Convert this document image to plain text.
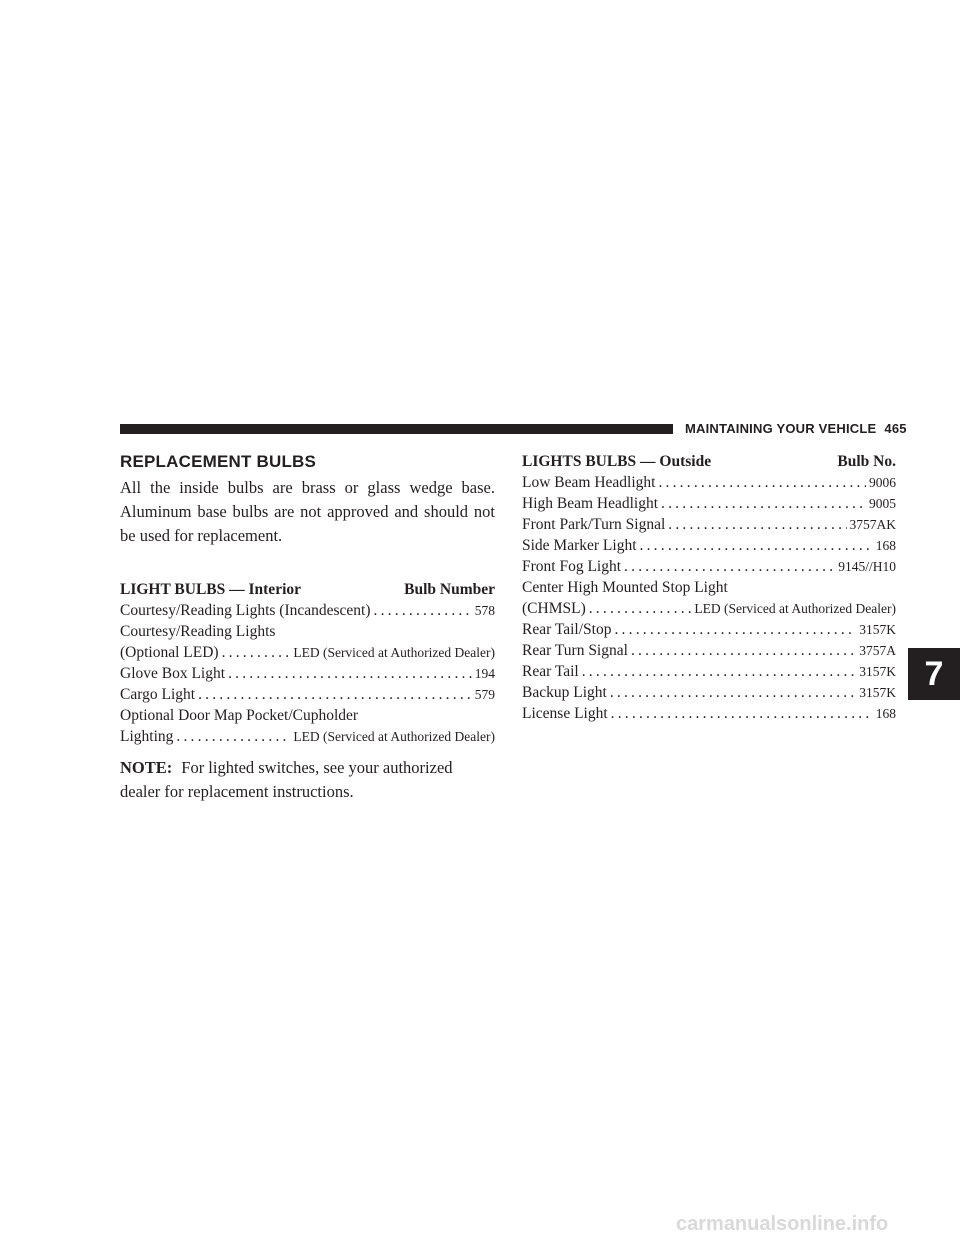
MAINTAINING YOUR VEHICLE 465
REPLACEMENT BULBS

All the inside bulbs are brass or glass wedge base. Aluminum base bulbs are not approved and should not be used for replacement.

LIGHT BULBS — Interior	Bulb Number
Courtesy/Reading Lights (Incandescent) .....	578
Courtesy/Reading Lights
(Optional LED) .....	LED (Serviced at Authorized Dealer)
Glove Box Light .....	194
Cargo Light .....	579
Optional Door Map Pocket/Cupholder
Lighting .....	LED (Serviced at Authorized Dealer)
NOTE: For lighted switches, see your authorized dealer for replacement instructions.
LIGHTS BULBS — Outside	Bulb No.
Low Beam Headlight .....	9006
High Beam Headlight .....	9005
Front Park/Turn Signal .....	3757AK
Side Marker Light .....	168
Front Fog Light .....	9145//H10
Center High Mounted Stop Light
(CHMSL) .....	LED (Serviced at Authorized Dealer)
Rear Tail/Stop .....	3157K
Rear Turn Signal .....	3757A
Rear Tail .....	3157K
Backup Light .....	3157K
License Light .....	168
7
carmanualsonline.info
